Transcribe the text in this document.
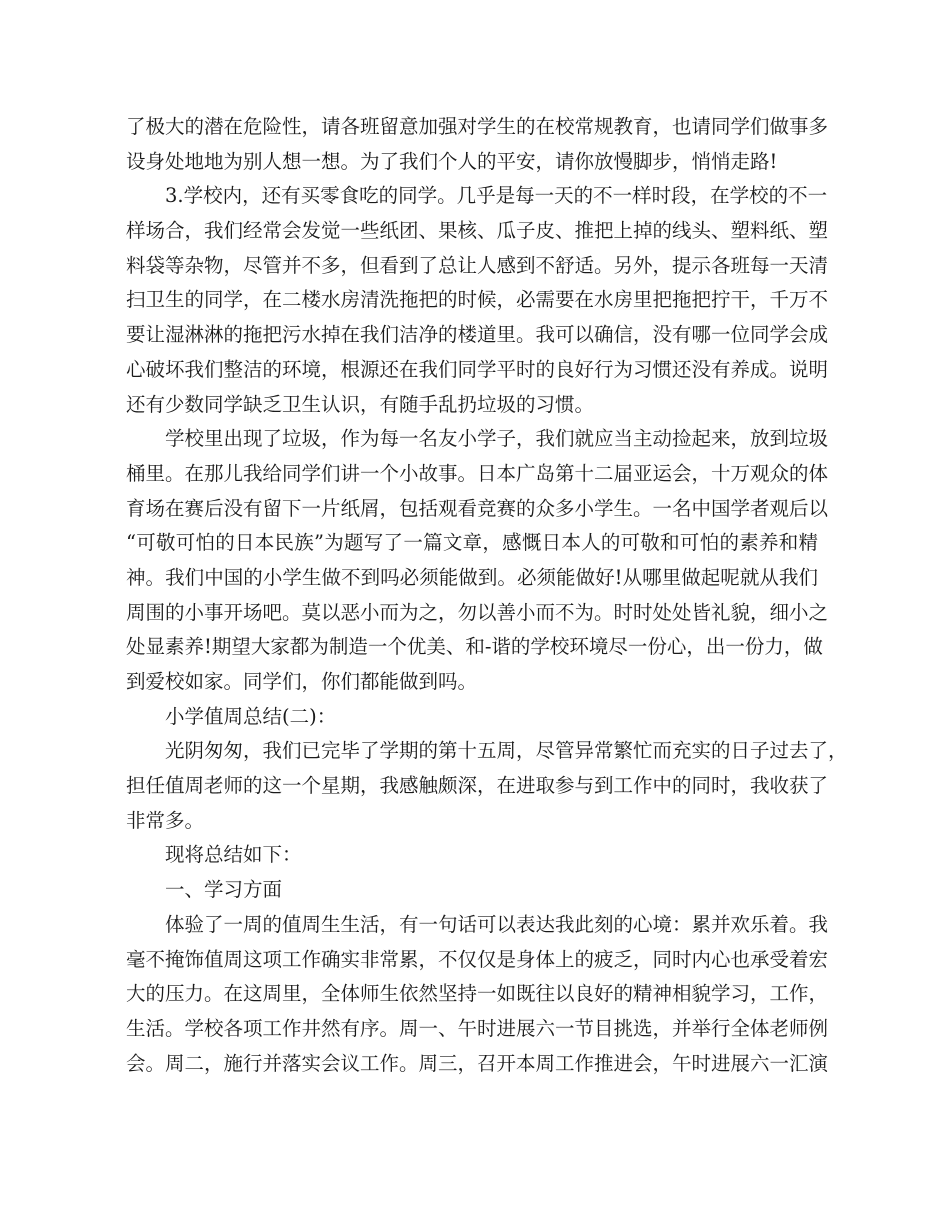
了极大的潜在危险性，请各班留意加强对学生的在校常规教育，也请同学们做事多
设身处地地为别人想一想。为了我们个人的平安，请你放慢脚步，悄悄走路!
3.学校内，还有买零食吃的同学。几乎是每一天的不一样时段，在学校的不一
样场合，我们经常会发觉一些纸团、果核、瓜子皮、推把上掉的线头、塑料纸、塑
料袋等杂物，尽管并不多，但看到了总让人感到不舒适。另外，提示各班每一天清
扫卫生的同学，在二楼水房清洗拖把的时候，必需要在水房里把拖把拧干，千万不
要让湿淋淋的拖把污水掉在我们洁净的楼道里。我可以确信，没有哪一位同学会成
心破坏我们整洁的环境，根源还在我们同学平时的良好行为习惯还没有养成。说明
还有少数同学缺乏卫生认识，有随手乱扔垃圾的习惯。
学校里出现了垃圾，作为每一名友小学子，我们就应当主动捡起来，放到垃圾
桶里。在那儿我给同学们讲一个小故事。日本广岛第十二届亚运会，十万观众的体
育场在赛后没有留下一片纸屑，包括观看竞赛的众多小学生。一名中国学者观后以
“可敬可怕的日本民族”为题写了一篇文章，感慨日本人的可敬和可怕的素养和精
神。我们中国的小学生做不到吗必须能做到。必须能做好!从哪里做起呢就从我们
周围的小事开场吧。莫以恶小而为之，勿以善小而不为。时时处处皆礼貌，细小之
处显素养!期望大家都为制造一个优美、和-谐的学校环境尽一份心，出一份力，做
到爱校如家。同学们，你们都能做到吗。
小学值周总结(二)：
光阴匆匆，我们已完毕了学期的第十五周，尽管异常繁忙而充实的日子过去了，
担任值周老师的这一个星期，我感触颇深，在进取参与到工作中的同时，我收获了
非常多。
现将总结如下：
一、学习方面
体验了一周的值周生生活，有一句话可以表达我此刻的心境：累并欢乐着。我
毫不掩饰值周这项工作确实非常累，不仅仅是身体上的疲乏，同时内心也承受着宏
大的压力。在这周里，全体师生依然坚持一如既往以良好的精神相貌学习，工作，
生活。学校各项工作井然有序。周一、午时进展六一节目挑选，并举行全体老师例
会。周二，施行并落实会议工作。周三，召开本周工作推进会，午时进展六一汇演
